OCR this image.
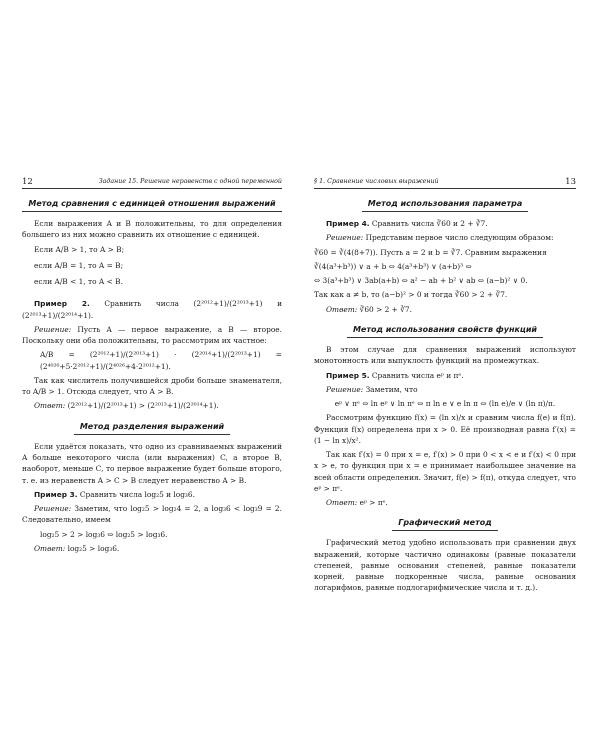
12	Задание 15. Решение неравенств с одной переменной
Метод сравнения с единицей отношения выражений

Если выражения A и B положительны, то для определения большего из них можно сравнить их отношение с единицей.

Если A/B > 1, то A > B;

если A/B = 1, то A = B;

если A/B < 1, то A < B.

Пример 2. Сравнить числа (2²⁰¹²+1)/(2²⁰¹³+1) и (2²⁰¹³+1)/(2²⁰¹⁴+1).

Решение: Пусть A — первое выражение, а B — второе. Поскольку они оба положительны, то рассмотрим их частное:

A/B = (2²⁰¹²+1)/(2²⁰¹³+1) · (2²⁰¹⁴+1)/(2²⁰¹³+1) = (2⁴⁰²⁶+5·2²⁰¹²+1)/(2⁴⁰²⁶+4·2²⁰¹²+1).

Так как числитель получившейся дроби больше знаменателя, то A/B > 1. Отсюда следует, что A > B.

Ответ: (2²⁰¹²+1)/(2²⁰¹³+1) > (2²⁰¹³+1)/(2²⁰¹⁴+1).

Метод разделения выражений

Если удаётся показать, что одно из сравниваемых выражений A больше некоторого числа (или выражения) C, а второе B, наоборот, меньше C, то первое выражение будет больше второго, т. е. из неравенств A > C > B следует неравенство A > B.

Пример 3. Сравнить числа log₂5 и log₃6.

Решение: Заметим, что log₂5 > log₂4 = 2, a log₃6 < log₃9 = 2. Следовательно, имеем

log₂5 > 2 > log₃6 ⇔ log₂5 > log₃6.

Ответ: log₂5 > log₃6.

§ 1. Сравнение числовых выражений	13
Метод использования параметра

Пример 4. Сравнить числа ∛60 и 2 + ∛7.

Решение: Представим первое число следующим образом:

∛60 = ∛(4(8+7)). Пусть a = 2 и b = ∛7. Сравним выражения

∛(4(a³+b³)) ∨ a + b ⇔ 4(a³+b³) ∨ (a+b)³ ⇔

⇔ 3(a³+b³) ∨ 3ab(a+b) ⇔ a² − ab + b² ∨ ab ⇔ (a−b)² ∨ 0.

Так как a ≠ b, то (a−b)² > 0 и тогда ∛60 > 2 + ∛7.

Ответ: ∛60 > 2 + ∛7.

Метод использования свойств функций

В этом случае для сравнения выражений используют монотонность или выпуклость функций на промежутках.

Пример 5. Сравнить числа eᵖ и πᵉ.

Решение: Заметим, что

eᵖ ∨ πᵉ ⇔ ln eᵖ ∨ ln πᵉ ⇔ π ln e ∨ e ln π ⇔ (ln e)/e ∨ (ln π)/π.

Рассмотрим функцию f(x) = (ln x)/x и сравним числа f(e) и f(π). Функция f(x) определена при x > 0. Её производная равна f′(x) = (1 − ln x)/x².

Так как f′(x) = 0 при x = e, f′(x) > 0 при 0 < x < e и f′(x) < 0 при x > e, то функция при x = e принимает наибольшее значение на всей области определения. Значит, f(e) > f(π), откуда следует, что eᵖ > πᵉ.

Ответ: eᵖ > πᵉ.

Графический метод

Графический метод удобно использовать при сравнении двух выражений, которые частично одинаковы (равные показатели степеней, равные основания степеней, равные показатели корней, равные подкоренные числа, равные основания логарифмов, равные подлогарифмические числа и т. д.).
